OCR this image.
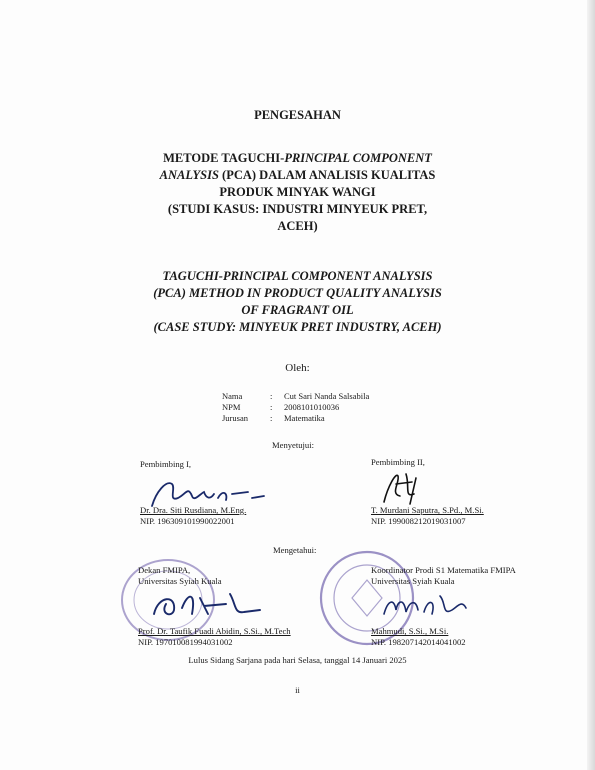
PENGESAHAN
METODE TAGUCHI-PRINCIPAL COMPONENT
ANALYSIS (PCA) DALAM ANALISIS KUALITAS
PRODUK MINYAK WANGI
(STUDI KASUS: INDUSTRI MINYEUK PRET,
ACEH)
TAGUCHI-PRINCIPAL COMPONENT ANALYSIS
(PCA) METHOD IN PRODUCT QUALITY ANALYSIS
OF FRAGRANT OIL
(CASE STUDY: MINYEUK PRET INDUSTRY, ACEH)
Oleh:
Nama	:	Cut Sari Nanda Salsabila
NPM	:	2008101010036
Jurusan	:	Matematika
Menyetujui:
Pembimbing I,
Dr. Dra. Siti Rusdiana, M.Eng.
NIP. 196309101990022001
Pembimbing II,
T. Murdani Saputra, S.Pd., M.Si.
NIP. 199008212019031007
Mengetahui:
Dekan FMIPA,
Universitas Syiah Kuala
Prof. Dr. Taufik Fuadi Abidin, S.Si., M.Tech
NIP. 197010081994031002
Koordinator Prodi S1 Matematika FMIPA
Universitas Syiah Kuala
Mahmudi, S.Si., M.Si.
NIP. 198207142014041002
Lulus Sidang Sarjana pada hari Selasa, tanggal 14 Januari 2025
ii
